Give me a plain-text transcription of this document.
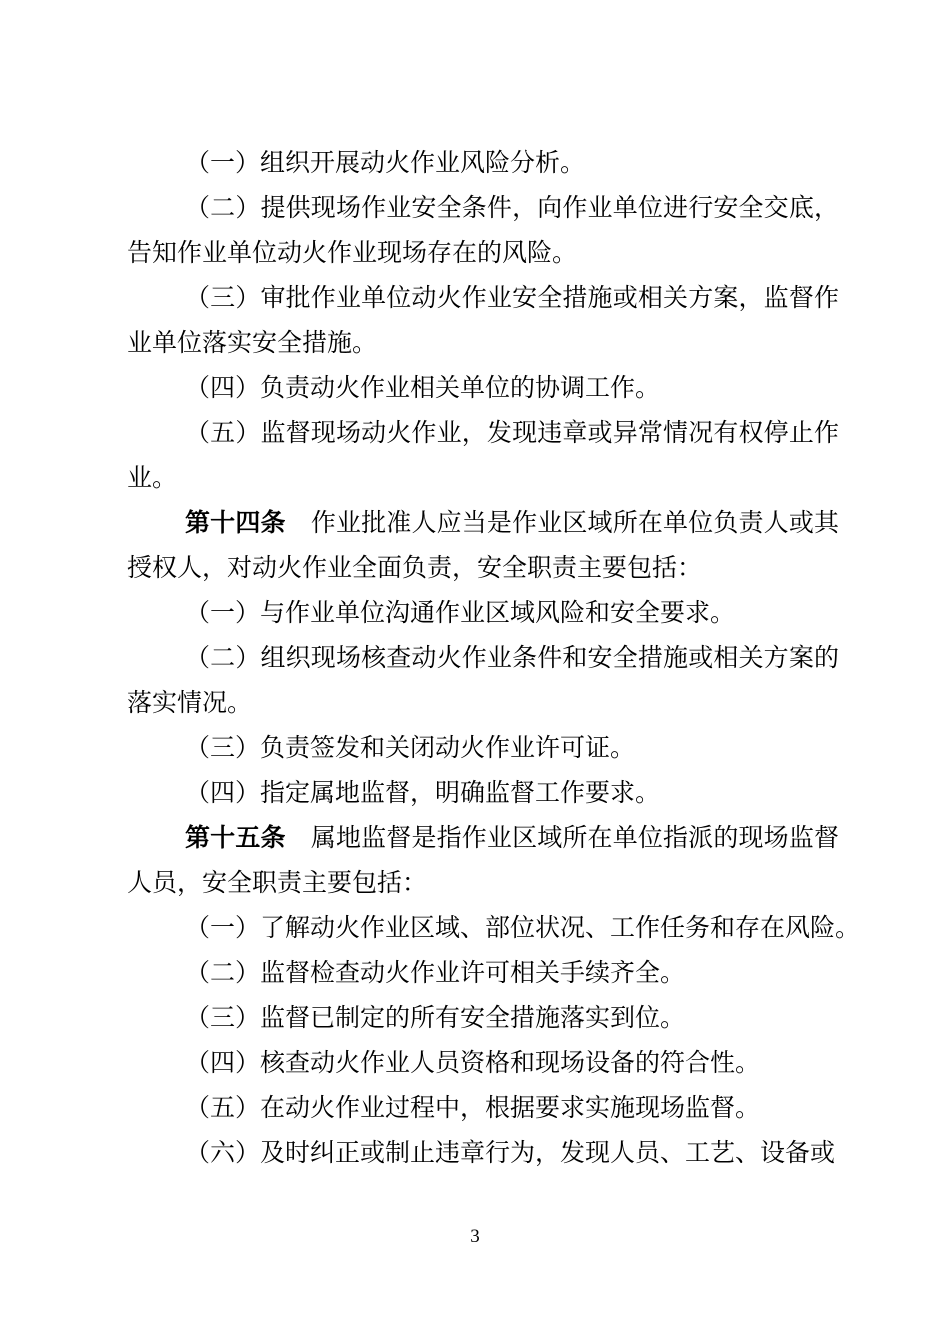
（一）组织开展动火作业风险分析。

（二）提供现场作业安全条件，向作业单位进行安全交底，告知作业单位动火作业现场存在的风险。

（三）审批作业单位动火作业安全措施或相关方案，监督作业单位落实安全措施。

（四）负责动火作业相关单位的协调工作。

（五）监督现场动火作业，发现违章或异常情况有权停止作业。

第十四条　 作业批准人应当是作业区域所在单位负责人或其授权人，对动火作业全面负责，安全职责主要包括：

（一）与作业单位沟通作业区域风险和安全要求。

（二）组织现场核查动火作业条件和安全措施或相关方案的落实情况。

（三）负责签发和关闭动火作业许可证。

（四）指定属地监督，明确监督工作要求。

第十五条　 属地监督是指作业区域所在单位指派的现场监督人员，安全职责主要包括：

（一）了解动火作业区域、部位状况、工作任务和存在风险。

（二）监督检查动火作业许可相关手续齐全。

（三）监督已制定的所有安全措施落实到位。

（四）核查动火作业人员资格和现场设备的符合性。

（五）在动火作业过程中，根据要求实施现场监督。

（六）及时纠正或制止违章行为，发现人员、工艺、设备或

3
